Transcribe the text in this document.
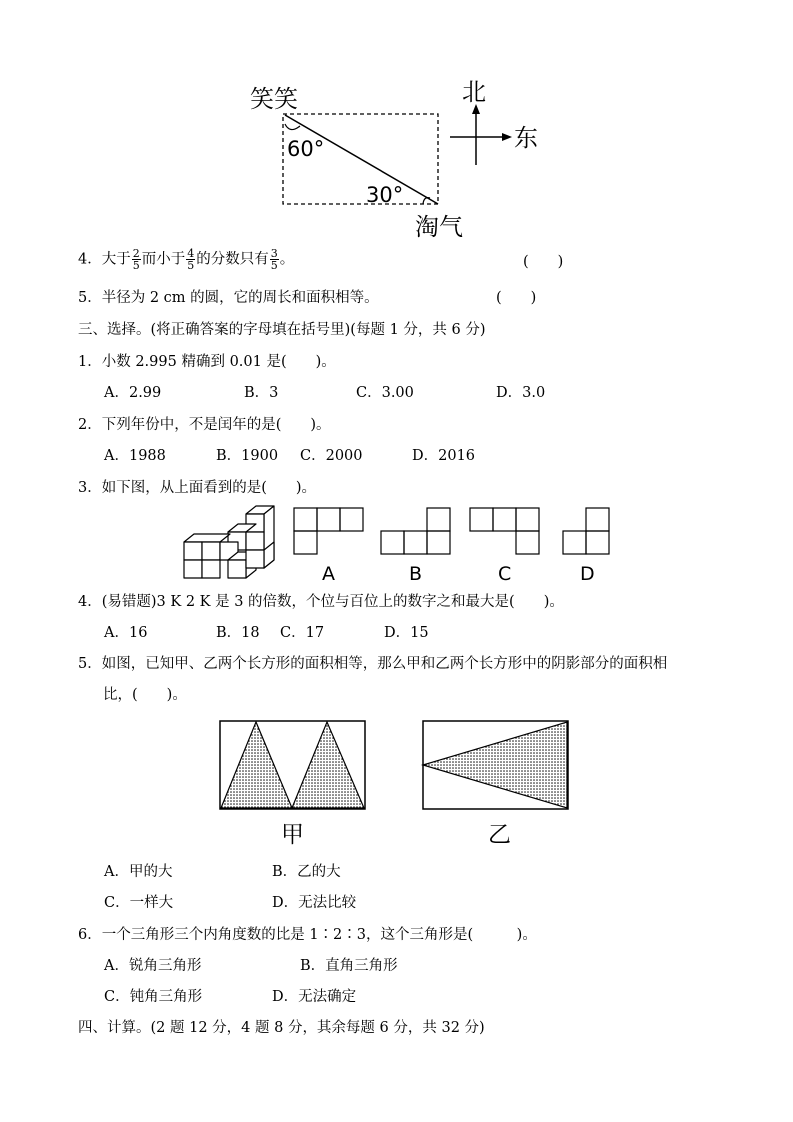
笑笑
60°
30°
淘气
北
东
4．大于 $\frac{2}{5}$ 而小于 $\frac{4}{5}$ 的分数只有 $\frac{3}{5}$ 。	(　　)
5．半径为 2 cm 的圆，它的周长和面积相等。	(　　)
三、选择。(将正确答案的字母填在括号里)(每题 1 分，共 6 分)
1．小数 2.995 精确到 0.01 是(　　)。
A．2.99	B．3	C．3.00	D．3.0
2．下列年份中，不是闰年的是(　　)。
A．1988	B．1900 C．2000	D．2016
3．如下图，从上面看到的是(　　)。
A	B	C	D
4．(易错题)3 K 2 K 是 3 的倍数，个位与百位上的数字之和最大是(　　)。
A．16	B．18 C．17	D．15
5．如图，已知甲、乙两个长方形的面积相等，那么甲和乙两个长方形中的阴影部分的面积相
比，(　　)。
甲	乙
A．甲的大	B．乙的大
C．一样大	D．无法比较
6．一个三角形三个内角度数的比是 1∶2∶3，这个三角形是(　　　)。
A．锐角三角形	B．直角三角形
C．钝角三角形	D．无法确定
四、计算。(2 题 12 分，4 题 8 分，其余每题 6 分，共 32 分)
